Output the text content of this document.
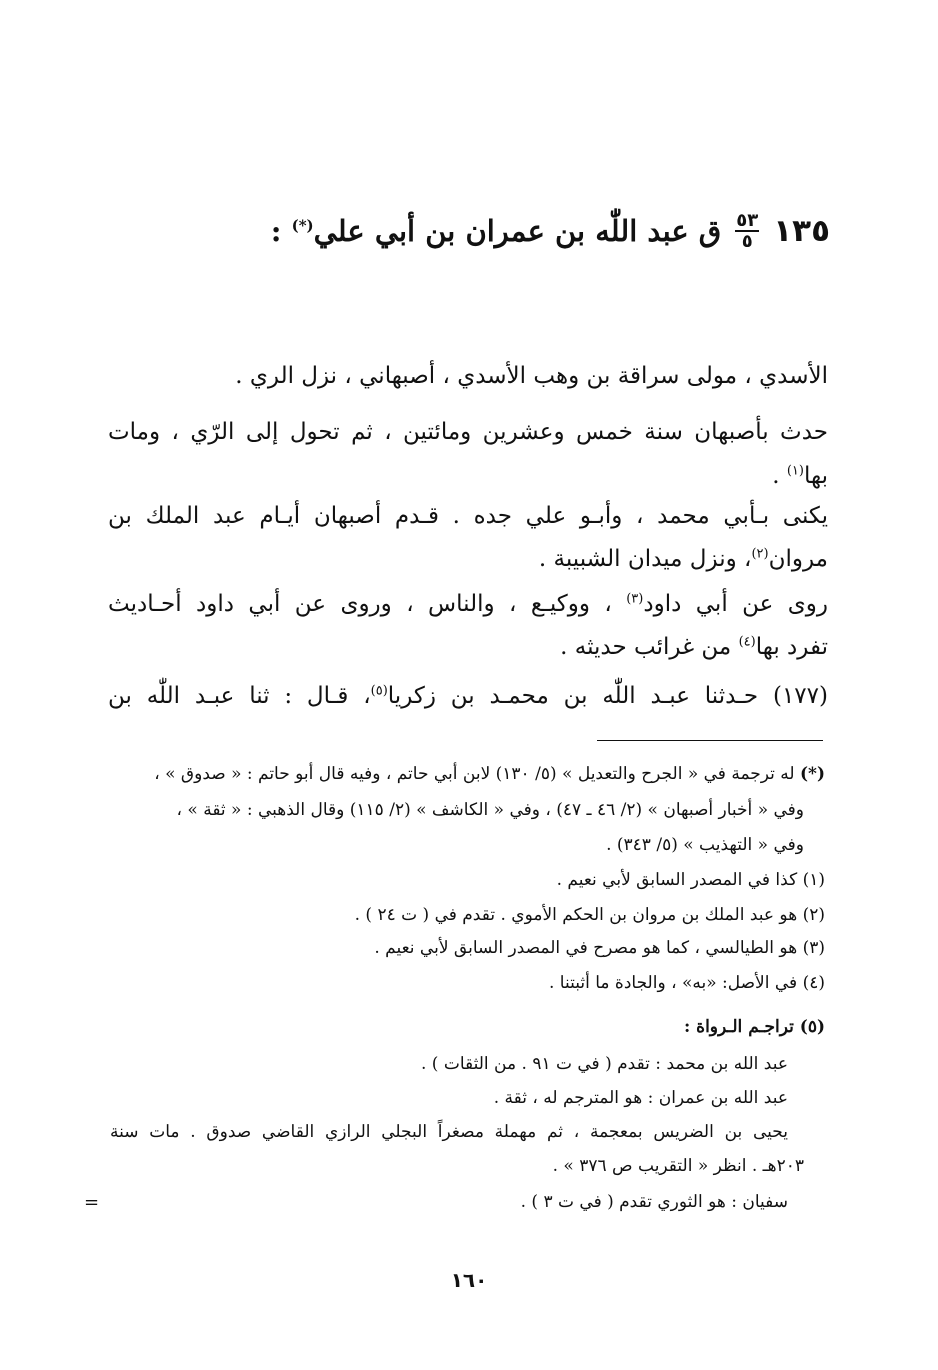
١٣٥
$\frac{٥٣}{٥}$
ق عبد اللّٰه بن عمران بن أبي علي(*) :
الأسدي ، مولى سراقة بن وهب الأسدي ، أصبهاني ، نزل الري .
حدث بأصبهان سنة خمس وعشرين ومائتين ، ثم تحول إلى الرّي ، ومات
بها$^{(١)}$ .
يكنى بـأبي محمد ، وأبـو علي جده . قـدم أصبهان أيـام عبد الملك بن
مروان$^{(٢)}$، ونزل ميدان الشبيبة .
روى عن أبي داود$^{(٣)}$ ، ووكيـع ، والناس ، وروى عن أبي داود أحـاديث
تفرد بها$^{(٤)}$ من غرائب حديثه .
(١٧٧) حـدثنا عبـد اللّٰه بن محمـد بن زكريا$^{(٥)}$، قـال : ثنا عبـد اللّٰه بن
(*) له ترجمة في « الجرح والتعديل » (٥/ ١٣٠) لابن أبي حاتم ، وفيه قال أبو حاتم : « صدوق » ،
وفي « أخبار أصبهان » (٢/ ٤٦ ـ ٤٧) ، وفي « الكاشف » (٢/ ١١٥) وقال الذهبي : « ثقة » ،
وفي « التهذيب » (٥/ ٣٤٣) .
(١) كذا في المصدر السابق لأبي نعيم .
(٢) هو عبد الملك بن مروان بن الحكم الأموي . تقدم في ( ت ٢٤ ) .
(٣) هو الطيالسي ، كما هو مصرح في المصدر السابق لأبي نعيم .
(٤) في الأصل: «به» ، والجادة ما أثبتنا .
(٥) تراجـم الـرواة :
عبد الله بن محمد : تقدم ( في ت ٩١ . من الثقات ) .
عبد الله بن عمران : هو المترجم له ، ثقة .
يحيى بن الضريس بمعجمة ، ثم مهملة مصغراً البجلي الرازي القاضي صدوق . مات سنة
٢٠٣هـ . انظر « التقريب ص ٣٧٦ » .
سفيان : هو الثوري تقدم ( في ت ٣ ) .
=
١٦٠
